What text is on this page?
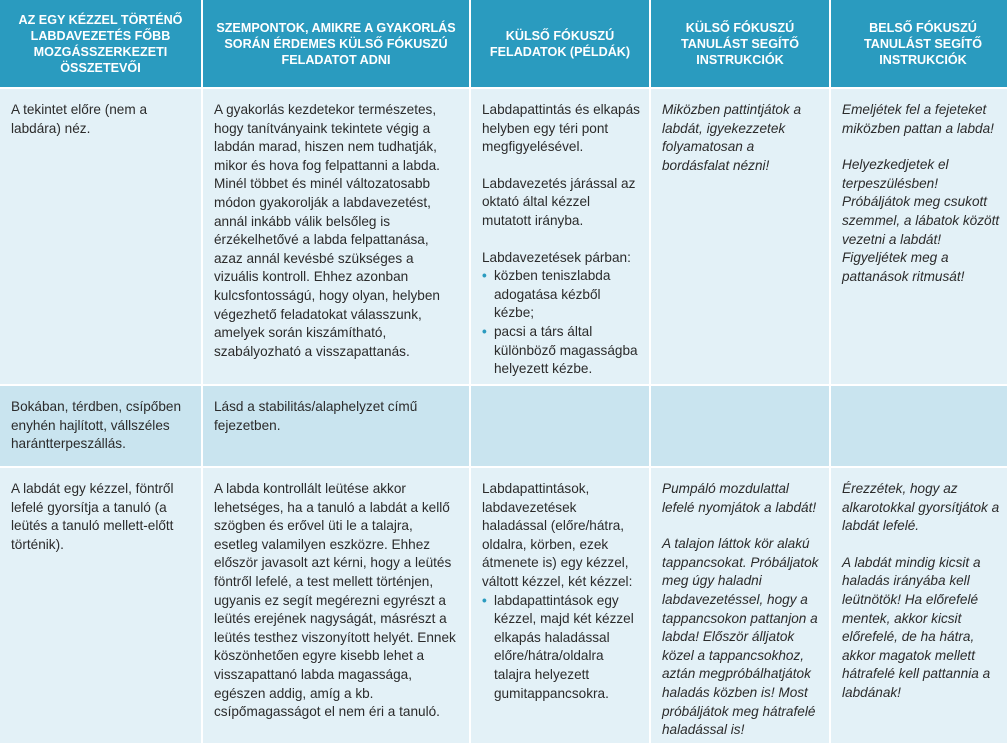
AZ EGY KÉZZEL TÖRTÉNŐ LABDAVEZETÉS FŐBB MOZGÁSSZERKEZETI ÖSSZETEVŐI
SZEMPONTOK, AMIKRE A GYAKORLÁS SORÁN ÉRDEMES KÜLSŐ FÓKUSZÚ FELADATOT ADNI
KÜLSŐ FÓKUSZÚ FELADATOK (PÉLDÁK)
KÜLSŐ FÓKUSZÚ TANULÁST SEGÍTŐ INSTRUKCIÓK
BELSŐ FÓKUSZÚ TANULÁST SEGÍTŐ INSTRUKCIÓK
A tekintet előre (nem a labdára) néz.
A gyakorlás kezdetekor természetes, hogy tanítványaink tekintete végig a labdán marad, hiszen nem tudhatják, mikor és hova fog felpattanni a labda. Minél többet és minél változatosabb módon gyakorolják a labdavezetést, annál inkább válik belsőleg is érzékelhetővé a labda felpattanása, azaz annál kevésbé szükséges a vizuális kontroll. Ehhez azonban kulcsfontosságú, hogy olyan, helyben végezhető feladatokat válasszunk, amelyek során kiszámítható, szabályozható a visszapattanás.

Labdapattintás és elkapás helyben egy téri pont megfigyelésével.

Labdavezetés járással az oktató által kézzel mutatott irányba.

Labdavezetések párban:
• közben teniszlabda adogatása kézből kézbe;
• pacsi a társ által különböző magasságba helyezett kézbe.

Miközben pattintjátok a labdát, igyekezzetek folyamatosan a bordásfalat nézni!

Emeljétek fel a fejeteket miközben pattan a labda!

Helyezkedjetek el terpeszülésben! Próbáljátok meg csukott szemmel, a lábatok között vezetni a labdát! Figyeljétek meg a pattanások ritmusát!

Bokában, térdben, csípőben enyhén hajlított, vállszéles harántterpeszállás.
Lásd a stabilitás/alaphelyzet című fejezetben.
A labdát egy kézzel, föntről lefelé gyorsítja a tanuló (a leütés a tanuló mellett-előtt történik).
A labda kontrollált leütése akkor lehetséges, ha a tanuló a labdát a kellő szögben és erővel üti le a talajra, esetleg valamilyen eszközre. Ehhez először javasolt azt kérni, hogy a leütés föntről lefelé, a test mellett történjen, ugyanis ez segít megérezni egyrészt a leütés erejének nagyságát, másrészt a leütés testhez viszonyított helyét. Ennek köszönhetően egyre kisebb lehet a visszapattanó labda magassága, egészen addig, amíg a kb. csípőmagasságot el nem éri a tanuló.
Labdapattintások, labdavezetések haladással (előre/hátra, oldalra, körben, ezek átmenete is) egy kézzel, váltott kézzel, két kézzel:
• labdapattintások egy kézzel, majd két kézzel elkapás haladással előre/hátra/oldalra talajra helyezett gumitappancsokra.

Pumpáló mozdulattal lefelé nyomjátok a labdát!

A talajon láttok kör alakú tappancsokat. Próbáljatok meg úgy haladni labdavezetéssel, hogy a tappancsokon pattanjon a labda! Először álljatok közel a tappancsokhoz, aztán megpróbálhatjátok haladás közben is! Most próbáljátok meg hátrafelé haladással is!

Érezzétek, hogy az alkarotokkal gyorsítjátok a labdát lefelé.

A labdát mindig kicsit a haladás irányába kell leütnötök! Ha előrefelé mentek, akkor kicsit előrefelé, de ha hátra, akkor magatok mellett hátrafelé kell pattannia a labdának!
